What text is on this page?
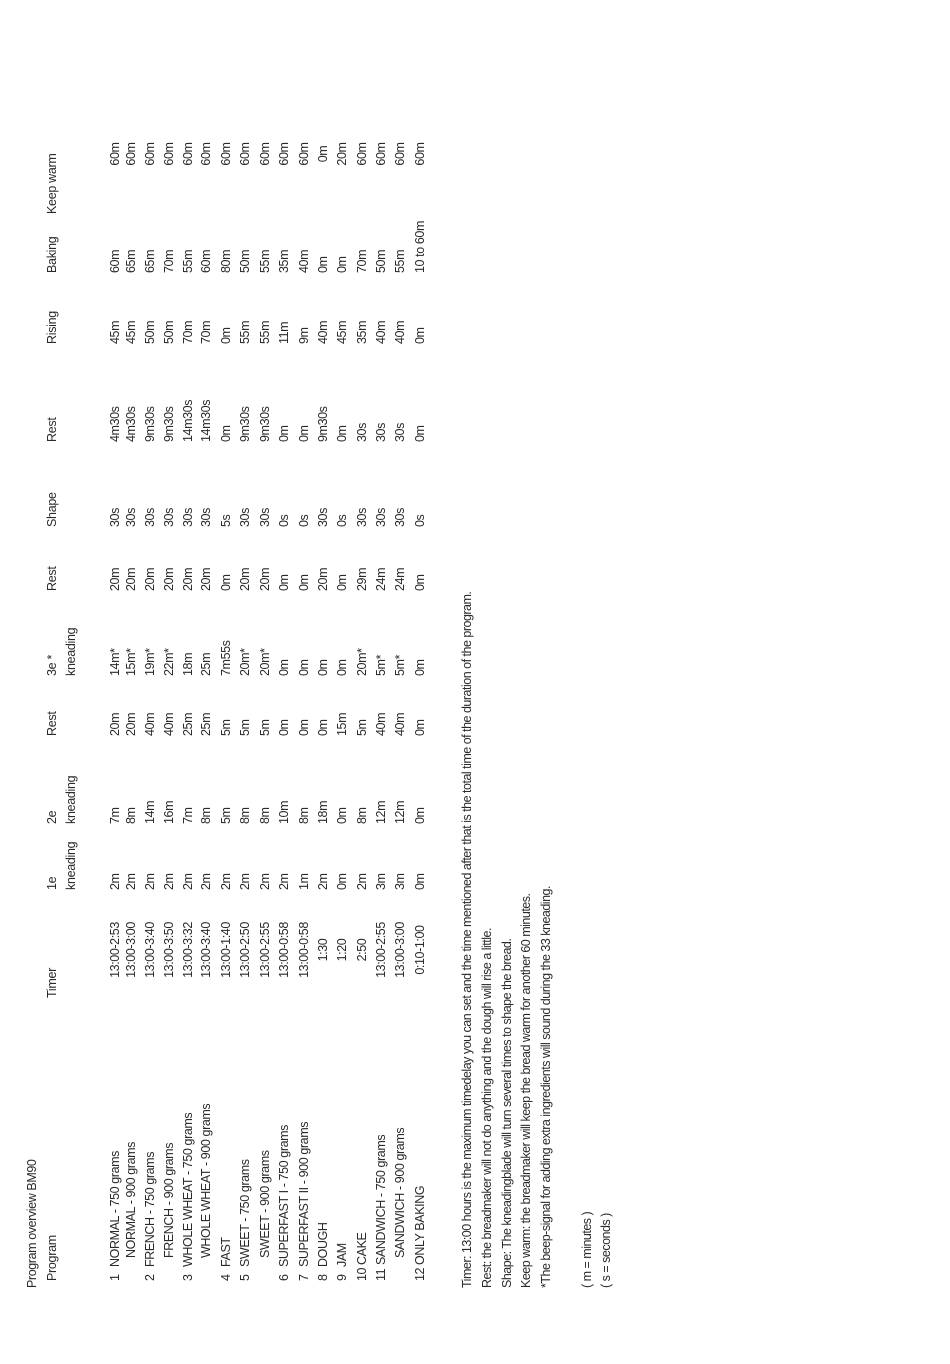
Program overview BM90 Program
Timer
1e kneading
2e kneading
3e * kneading
Rest
Rest
Shape
Rest
Rising
Baking
Keep warm
1
NORMAL - 750 grams
13:00-2:53
2m
7m
20m
14m*
20m
30s
4m30s
45m
60m
60m
NORMAL - 900 grams
13:00-3:00
2m
8m
20m
15m*
20m
30s
4m30s
45m
65m
60m
2
FRENCH - 750 grams
13:00-3:40
2m
14m
40m
19m*
20m
30s
9m30s
50m
65m
60m
FRENCH - 900 grams
13:00-3:50
2m
16m
40m
22m*
20m
30s
9m30s
50m
70m
60m
3
WHOLE WHEAT - 750 grams
13:00-3:32
2m
7m
25m
18m
20m
30s
14m30s
70m
55m
60m
WHOLE WHEAT - 900 grams
13:00-3:40
2m
8m
25m
25m
20m
30s
14m30s
70m
60m
60m
4
FAST
13:00-1:40
2m
5m
5m
7m55s
0m
5s
0m
0m
80m
60m
5
SWEET - 750 grams
13:00-2:50
2m
8m
5m
20m*
20m
30s
9m30s
55m
50m
60m
SWEET - 900 grams
13:00-2:55
2m
8m
5m
20m*
20m
30s
9m30s
55m
55m
60m
6
SUPERFAST I - 750 grams
13:00-0:58
2m
10m
0m
0m
0m
0s
0m
11m
35m
60m
7
SUPERFAST II - 900 grams
13:00-0:58
1m
8m
0m
0m
0m
0s
0m
9m
40m
60m
8
DOUGH
1:30
2m
18m
0m
0m
20m
30s
9m30s
40m
0m
0m
9
JAM
1:20
0m
0m
15m
0m
0m
0s
0m
45m
0m
20m
10
CAKE
2:50
2m
8m
5m
20m*
29m
30s
30s
35m
70m
60m
11
SANDWICH - 750 grams
13:00-2:55
3m
12m
40m
5m*
24m
30s
30s
40m
50m
60m
SANDWICH - 900 grams
13:00-3:00
3m
12m
40m
5m*
24m
30s
30s
40m
55m
60m
12
ONLY BAKING
0:10-1:00
0m
0m
0m
0m
0m
0s
0m
0m
10 to 60m
60m
Timer: 13:00 hours is the maximum timedelay you can set and the time mentioned after that is the total time of the duration of the program. Rest: the breadmaker will not do anything and the dough will rise a little. Shape: The kneadingblade will turn several times to shape the bread. Keep warm: the breadmaker will keep the bread warm for another 60 minutes. *The beep-signal for adding extra ingredients will sound during the 33 kneading. ( m = minutes ) ( s = seconds )
